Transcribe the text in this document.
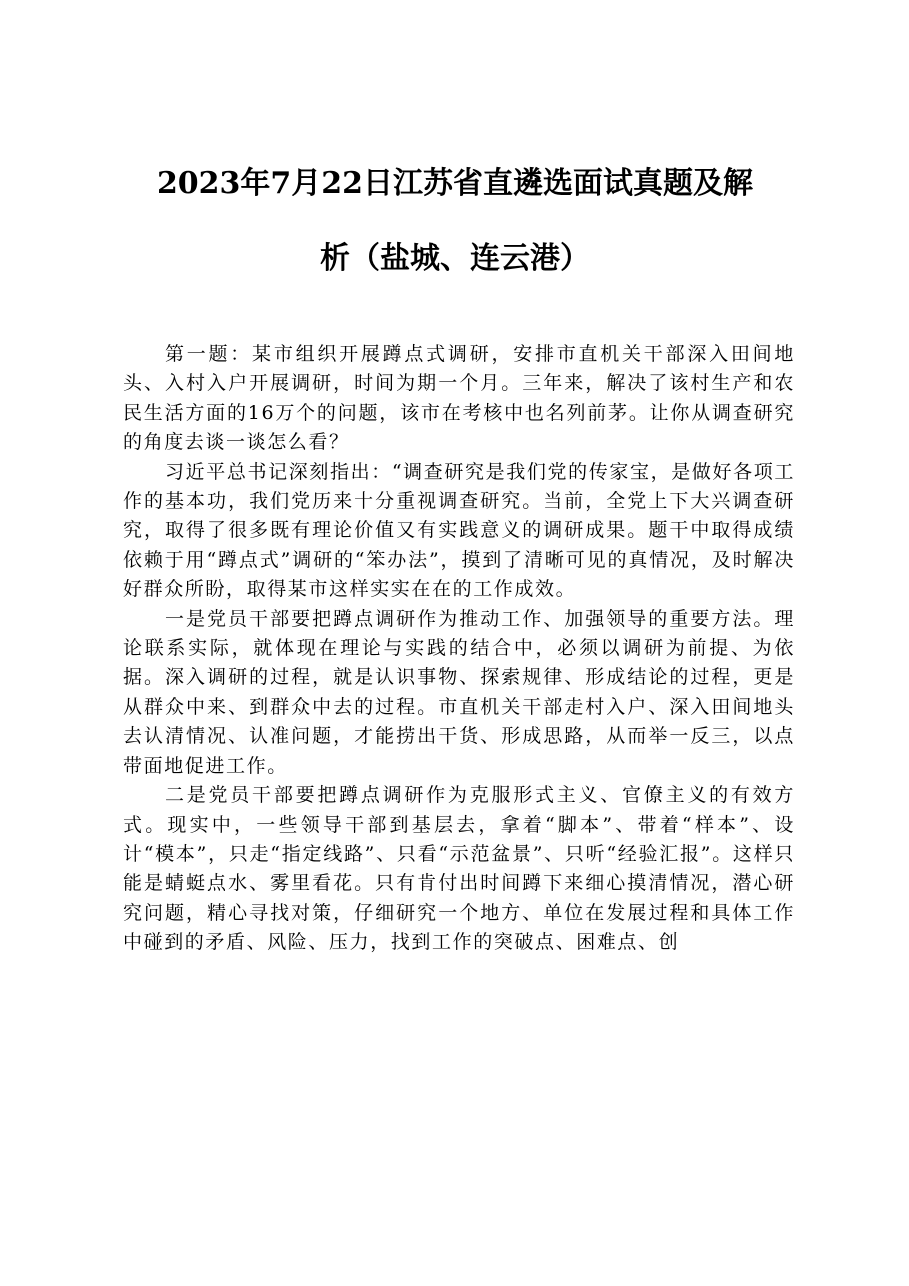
2023年7月22日江苏省直遴选面试真题及解
析（盐城、连云港）

第一题：某市组织开展蹲点式调研，安排市直机关干部深入田间地头、入村入户开展调研，时间为期一个月。三年来，解决了该村生产和农民生活方面的16万个的问题，该市在考核中也名列前茅。让你从调查研究的角度去谈一谈怎么看？

习近平总书记深刻指出：“调查研究是我们党的传家宝，是做好各项工作的基本功，我们党历来十分重视调查研究。当前，全党上下大兴调查研究，取得了很多既有理论价值又有实践意义的调研成果。题干中取得成绩依赖于用“蹲点式”调研的“笨办法”，摸到了清晰可见的真情况，及时解决好群众所盼，取得某市这样实实在在的工作成效。

一是党员干部要把蹲点调研作为推动工作、加强领导的重要方法。理论联系实际，就体现在理论与实践的结合中，必须以调研为前提、为依据。深入调研的过程，就是认识事物、探索规律、形成结论的过程，更是从群众中来、到群众中去的过程。市直机关干部走村入户、深入田间地头去认清情况、认准问题，才能捞出干货、形成思路，从而举一反三，以点带面地促进工作。

二是党员干部要把蹲点调研作为克服形式主义、官僚主义的有效方式。现实中，一些领导干部到基层去，拿着“脚本”、带着“样本”、设计“模本”，只走“指定线路”、只看“示范盆景”、只听“经验汇报”。这样只能是蜻蜓点水、雾里看花。只有肯付出时间蹲下来细心摸清情况，潜心研究问题，精心寻找对策，仔细研究一个地方、单位在发展过程和具体工作中碰到的矛盾、风险、压力，找到工作的突破点、困难点、创
